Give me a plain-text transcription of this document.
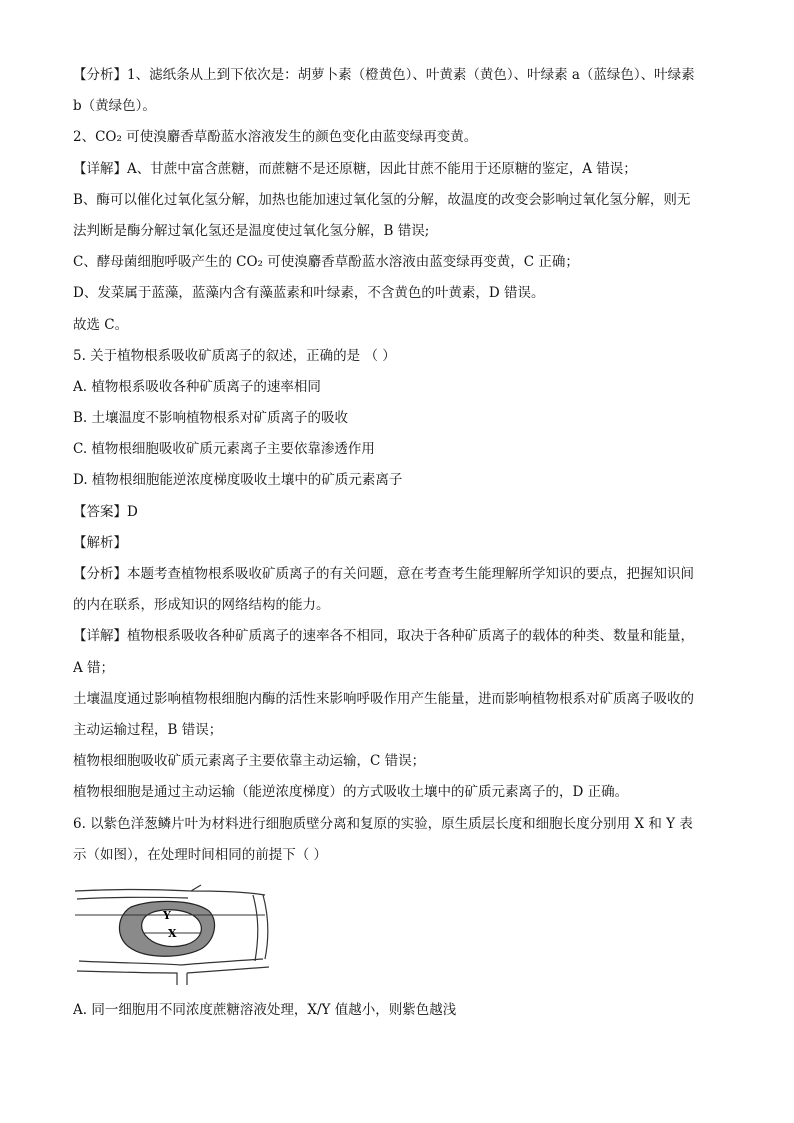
【分析】1、滤纸条从上到下依次是：胡萝卜素（橙黄色）、叶黄素（黄色）、叶绿素 a（蓝绿色）、叶绿素
b（黄绿色）。
2、CO₂ 可使溴麝香草酚蓝水溶液发生的颜色变化由蓝变绿再变黄。
【详解】A、甘蔗中富含蔗糖，而蔗糖不是还原糖，因此甘蔗不能用于还原糖的鉴定，A 错误；
B、酶可以催化过氧化氢分解，加热也能加速过氧化氢的分解，故温度的改变会影响过氧化氢分解，则无
法判断是酶分解过氧化氢还是温度使过氧化氢分解，B 错误;
C、酵母菌细胞呼吸产生的 CO₂ 可使溴麝香草酚蓝水溶液由蓝变绿再变黄，C 正确；
D、发菜属于蓝藻，蓝藻内含有藻蓝素和叶绿素，不含黄色的叶黄素，D 错误。
故选 C。
5. 关于植物根系吸收矿质离子的叙述，正确的是 （ ）
A. 植物根系吸收各种矿质离子的速率相同
B. 土壤温度不影响植物根系对矿质离子的吸收
C. 植物根细胞吸收矿质元素离子主要依靠渗透作用
D. 植物根细胞能逆浓度梯度吸收土壤中的矿质元素离子
【答案】D
【解析】
【分析】本题考查植物根系吸收矿质离子的有关问题，意在考查考生能理解所学知识的要点，把握知识间
的内在联系，形成知识的网络结构的能力。
【详解】植物根系吸收各种矿质离子的速率各不相同，取决于各种矿质离子的载体的种类、数量和能量，
A 错；
土壤温度通过影响植物根细胞内酶的活性来影响呼吸作用产生能量，进而影响植物根系对矿质离子吸收的
主动运输过程，B 错误；
植物根细胞吸收矿质元素离子主要依靠主动运输，C 错误；
植物根细胞是通过主动运输（能逆浓度梯度）的方式吸收土壤中的矿质元素离子的，D 正确。
6. 以紫色洋葱鳞片叶为材料进行细胞质壁分离和复原的实验，原生质层长度和细胞长度分别用 X 和 Y 表
示（如图），在处理时间相同的前提下（ ）
Y
X
A. 同一细胞用不同浓度蔗糖溶液处理，X/Y 值越小，则紫色越浅
